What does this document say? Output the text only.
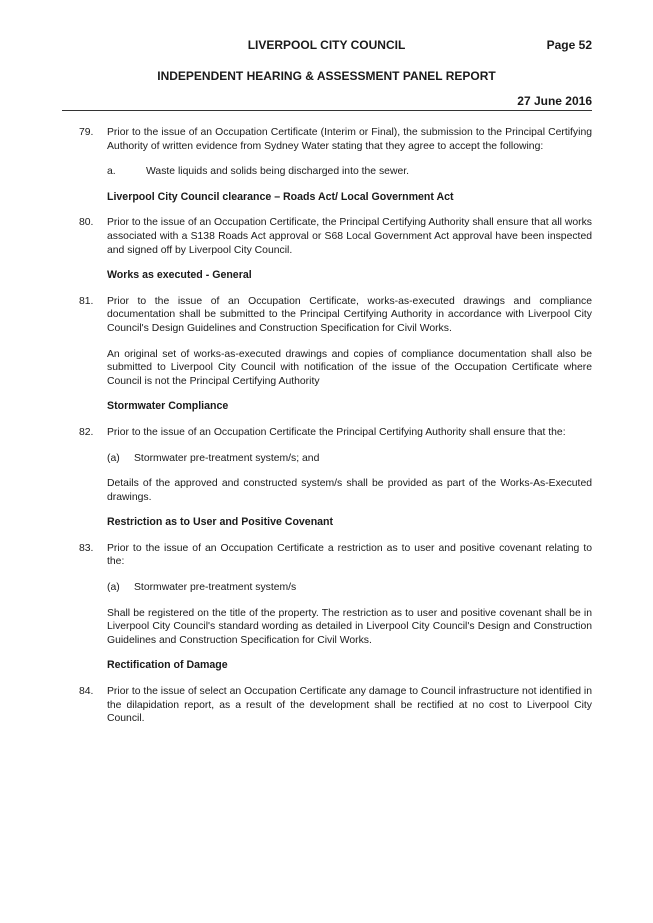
LIVERPOOL CITY COUNCIL	Page 52
INDEPENDENT HEARING & ASSESSMENT PANEL REPORT
27 June 2016
79. Prior to the issue of an Occupation Certificate (Interim or Final), the submission to the Principal Certifying Authority of written evidence from Sydney Water stating that they agree to accept the following:
a.	Waste liquids and solids being discharged into the sewer.
Liverpool City Council clearance – Roads Act/ Local Government Act
80. Prior to the issue of an Occupation Certificate, the Principal Certifying Authority shall ensure that all works associated with a S138 Roads Act approval or S68 Local Government Act approval have been inspected and signed off by Liverpool City Council.
Works as executed - General
81. Prior to the issue of an Occupation Certificate, works-as-executed drawings and compliance documentation shall be submitted to the Principal Certifying Authority in accordance with Liverpool City Council's Design Guidelines and Construction Specification for Civil Works.
An original set of works-as-executed drawings and copies of compliance documentation shall also be submitted to Liverpool City Council with notification of the issue of the Occupation Certificate where Council is not the Principal Certifying Authority
Stormwater Compliance
82. Prior to the issue of an Occupation Certificate the Principal Certifying Authority shall ensure that the:
(a) Stormwater pre-treatment system/s; and
Details of the approved and constructed system/s shall be provided as part of the Works-As-Executed drawings.
Restriction as to User and Positive Covenant
83. Prior to the issue of an Occupation Certificate a restriction as to user and positive covenant relating to the:
(a) Stormwater pre-treatment system/s
Shall be registered on the title of the property. The restriction as to user and positive covenant shall be in Liverpool City Council's standard wording as detailed in Liverpool City Council's Design and Construction Guidelines and Construction Specification for Civil Works.
Rectification of Damage
84. Prior to the issue of select an Occupation Certificate any damage to Council infrastructure not identified in the dilapidation report, as a result of the development shall be rectified at no cost to Liverpool City Council.
